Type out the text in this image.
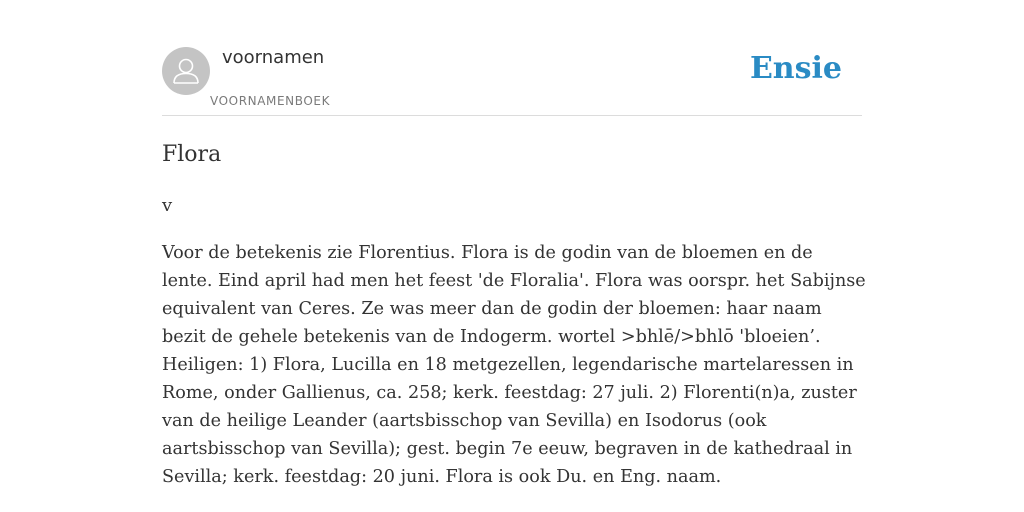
voornamen
VOORNAMENBOEK
Ensie
Flora
v

Voor de betekenis zie Florentius. Flora is de godin van de bloemen en de lente. Eind april had men het feest 'de Floralia'. Flora was oorspr. het Sabijnse equivalent van Ceres. Ze was meer dan de godin der bloemen: haar naam bezit de gehele betekenis van de Indogerm. wortel >bhlē/>bhlō 'bloeien’. Heiligen: 1) Flora, Lucilla en 18 metgezellen, legendarische martelaressen in Rome, onder Gallienus, ca. 258; kerk. feestdag: 27 juli. 2) Florenti(n)a, zuster van de heilige Leander (aartsbisschop van Sevilla) en Isodorus (ook aartsbisschop van Sevilla); gest. begin 7e eeuw, begraven in de kathedraal in Sevilla; kerk. feestdag: 20 juni. Flora is ook Du. en Eng. naam.
